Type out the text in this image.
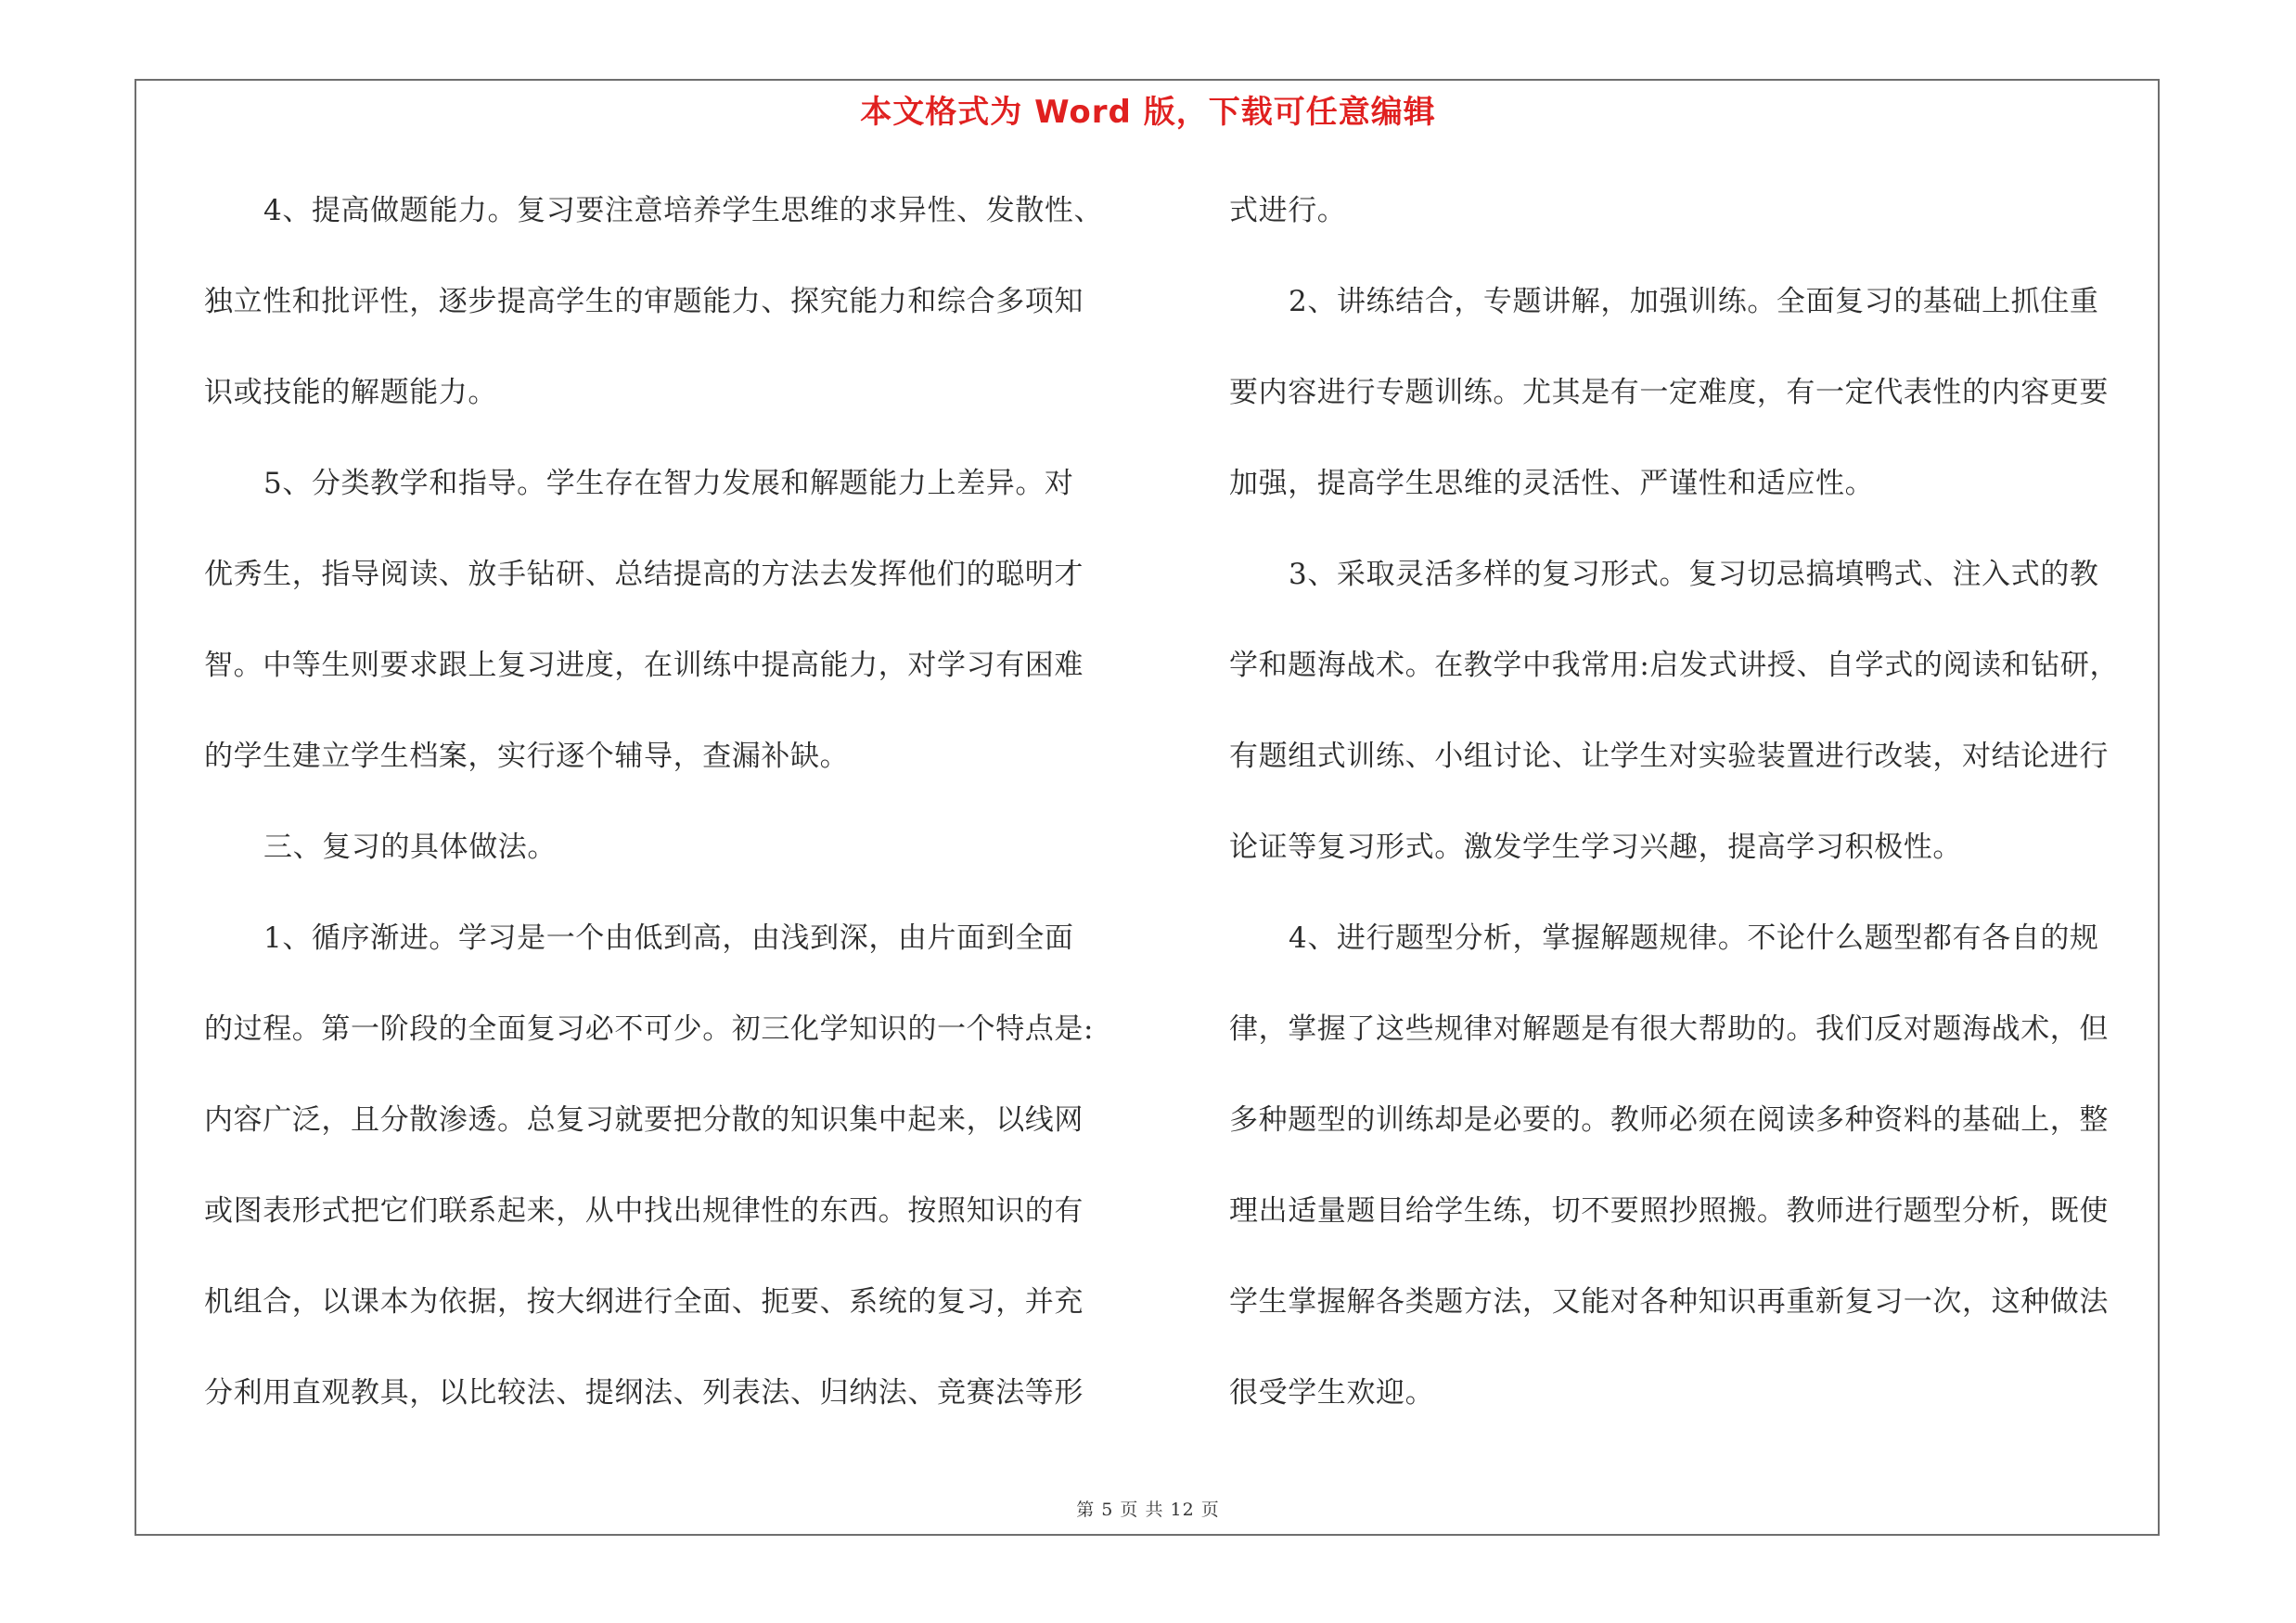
本文格式为 Word 版，下载可任意编辑
4、提高做题能力。复习要注意培养学生思维的求异性、发散性、
独立性和批评性，逐步提高学生的审题能力、探究能力和综合多项知
识或技能的解题能力。
5、分类教学和指导。学生存在智力发展和解题能力上差异。对
优秀生，指导阅读、放手钻研、总结提高的方法去发挥他们的聪明才
智。中等生则要求跟上复习进度，在训练中提高能力，对学习有困难
的学生建立学生档案，实行逐个辅导，查漏补缺。
三、复习的具体做法。
1、循序渐进。学习是一个由低到高，由浅到深，由片面到全面
的过程。第一阶段的全面复习必不可少。初三化学知识的一个特点是:
内容广泛，且分散渗透。总复习就要把分散的知识集中起来，以线网
或图表形式把它们联系起来，从中找出规律性的东西。按照知识的有
机组合，以课本为依据，按大纲进行全面、扼要、系统的复习，并充
分利用直观教具，以比较法、提纲法、列表法、归纳法、竞赛法等形
式进行。
2、讲练结合，专题讲解，加强训练。全面复习的基础上抓住重
要内容进行专题训练。尤其是有一定难度，有一定代表性的内容更要
加强，提高学生思维的灵活性、严谨性和适应性。
3、采取灵活多样的复习形式。复习切忌搞填鸭式、注入式的教
学和题海战术。在教学中我常用:启发式讲授、自学式的阅读和钻研，
有题组式训练、小组讨论、让学生对实验装置进行改装，对结论进行
论证等复习形式。激发学生学习兴趣，提高学习积极性。
4、进行题型分析，掌握解题规律。不论什么题型都有各自的规
律，掌握了这些规律对解题是有很大帮助的。我们反对题海战术，但
多种题型的训练却是必要的。教师必须在阅读多种资料的基础上，整
理出适量题目给学生练，切不要照抄照搬。教师进行题型分析，既使
学生掌握解各类题方法，又能对各种知识再重新复习一次，这种做法
很受学生欢迎。
第 5 页 共 12 页
